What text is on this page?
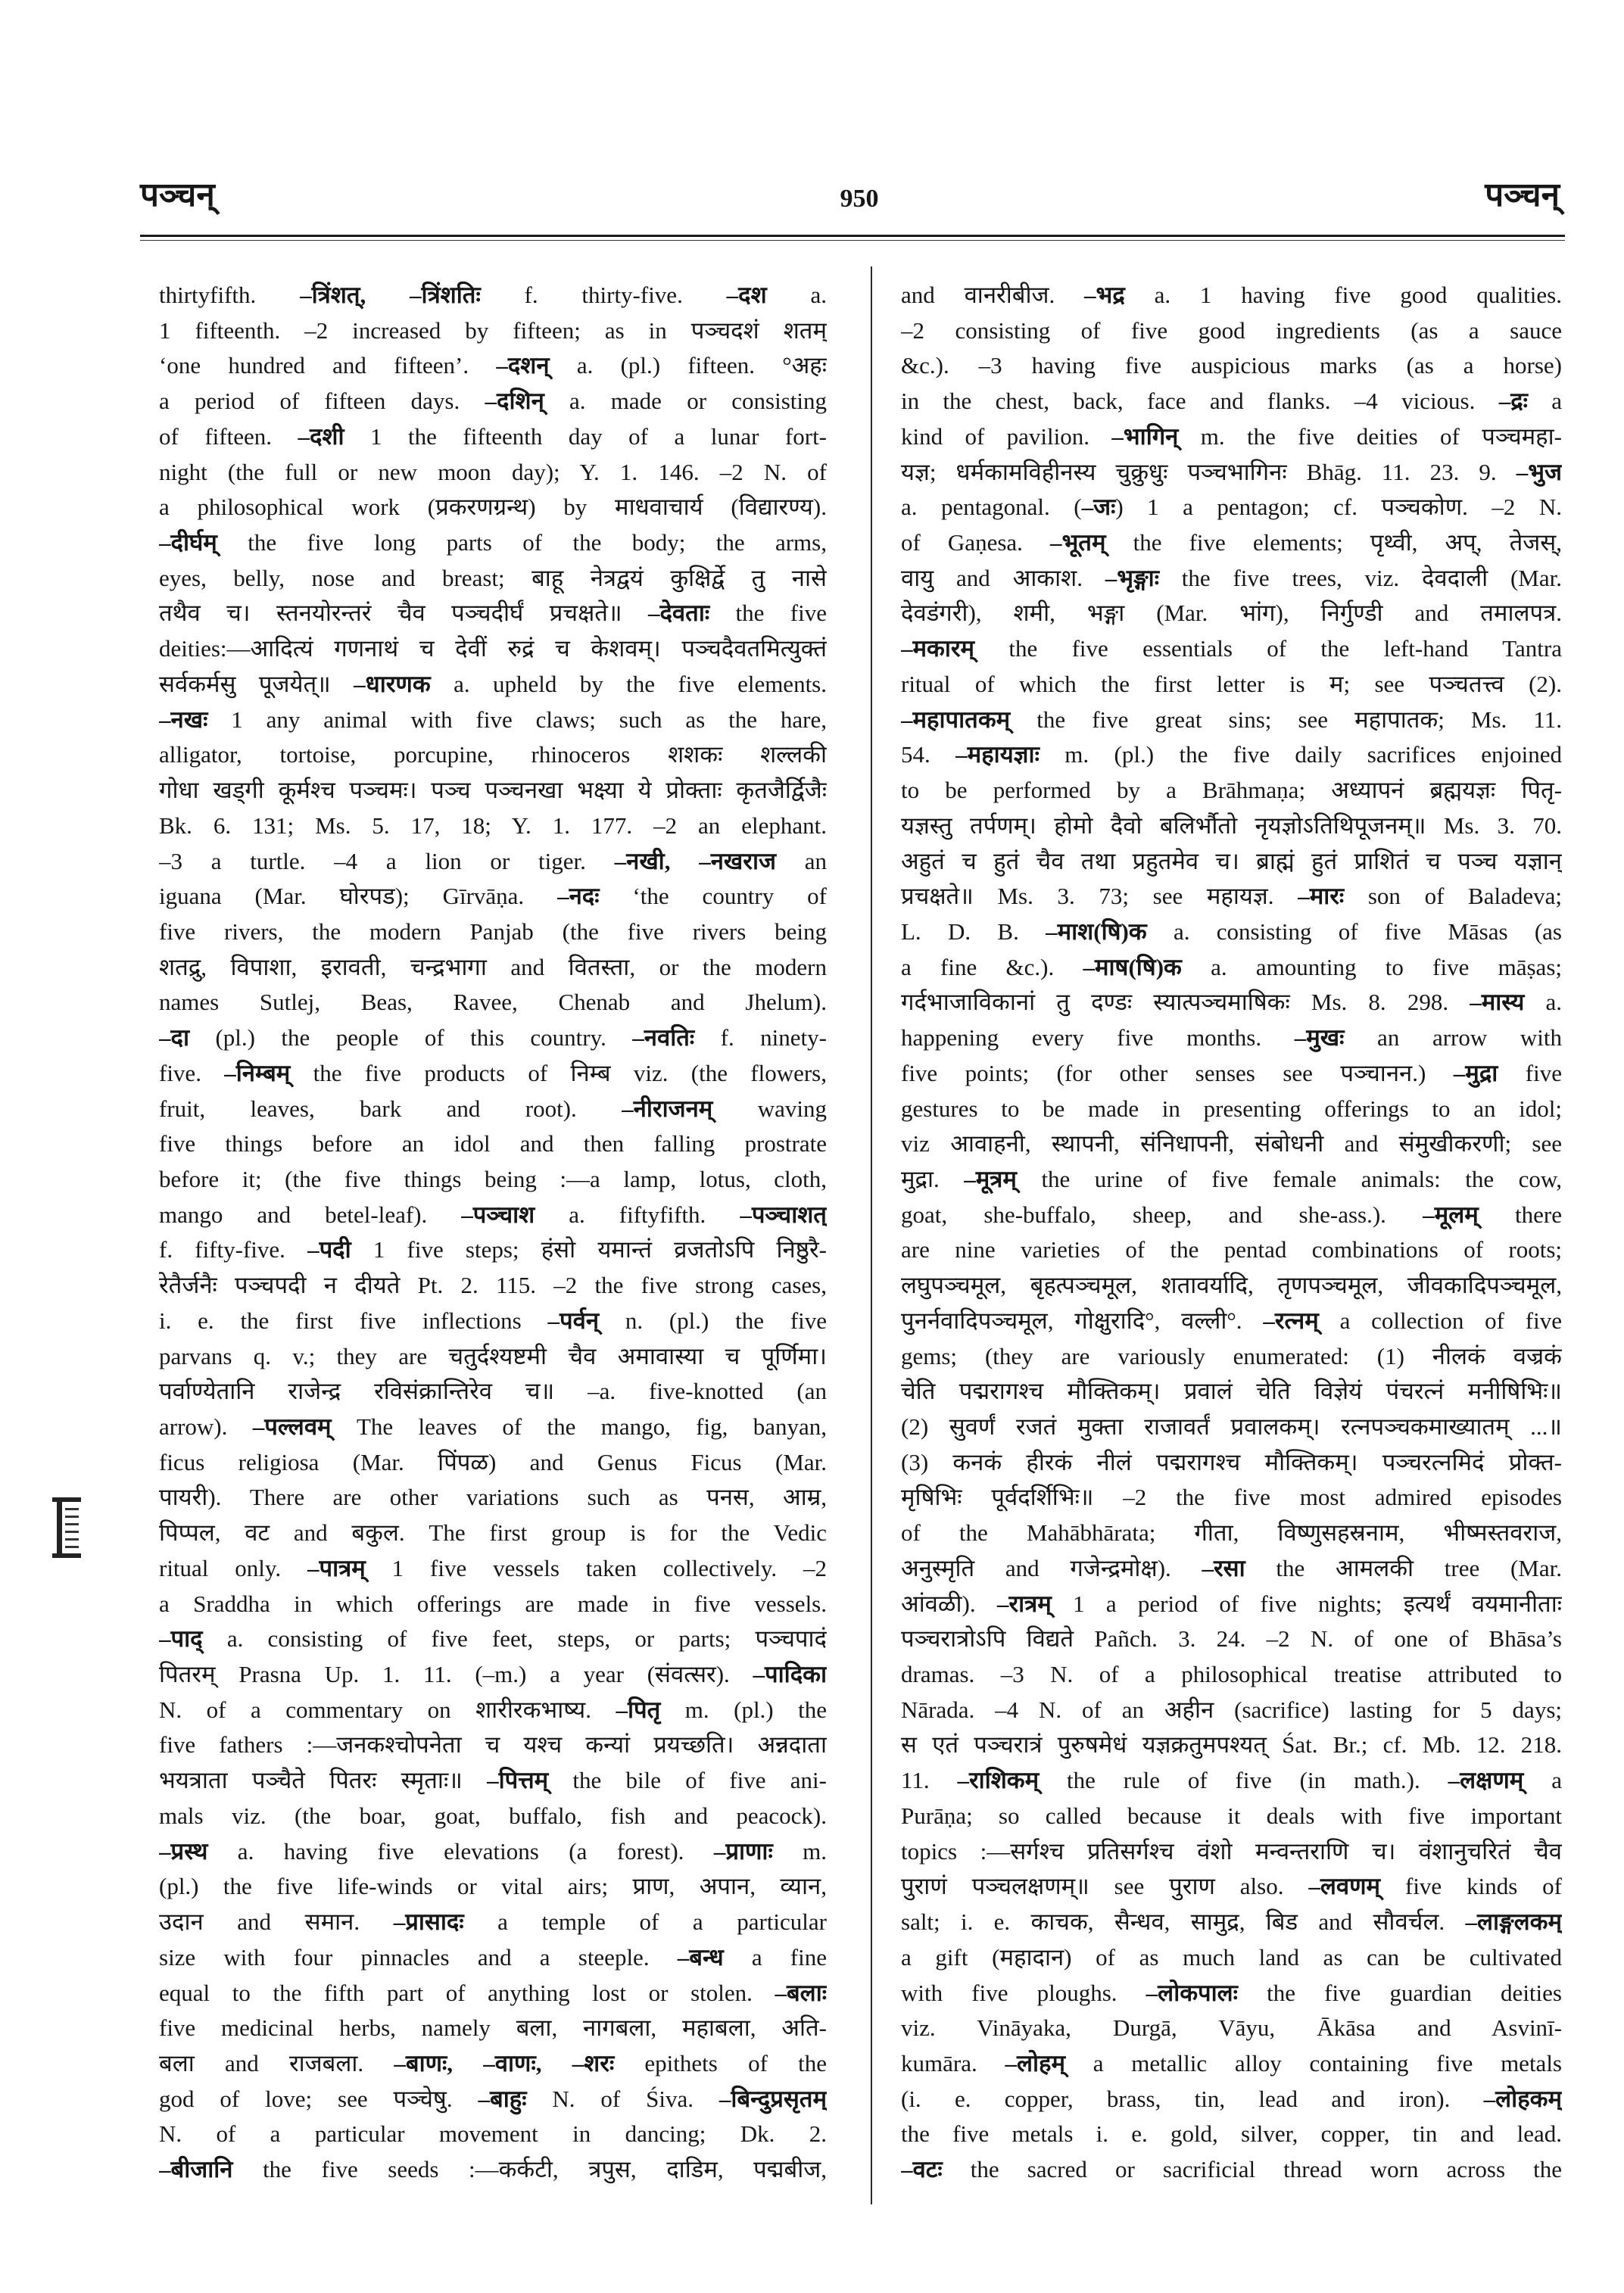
पञ्चन्	950	पञ्चन्
thirtyfifth. –त्रिंशत्, –त्रिंशतिः f. thirty-five. –दश a.
1 fifteenth. –2 increased by fifteen; as in पञ्चदशं शतम्
‘one hundred and fifteen’. –दशन् a. (pl.) fifteen. °अहः
a period of fifteen days. –दशिन् a. made or consisting
of fifteen. –दशी 1 the fifteenth day of a lunar fort-
night (the full or new moon day); Y. 1. 146. –2 N. of
a philosophical work (प्रकरणग्रन्थ) by माधवाचार्य (विद्यारण्य).
–दीर्घम् the five long parts of the body; the arms,
eyes, belly, nose and breast; बाहू नेत्रद्वयं कुक्षिर्द्वे तु नासे
तथैव च। स्तनयोरन्तरं चैव पञ्चदीर्घं प्रचक्षते॥ –देवताः the five
deities:—आदित्यं गणनाथं च देवीं रुद्रं च केशवम्। पञ्चदैवतमित्युक्तं
सर्वकर्मसु पूजयेत्॥ –धारणक a. upheld by the five elements.
–नखः 1 any animal with five claws; such as the hare,
alligator, tortoise, porcupine, rhinoceros शशकः शल्लकी
गोधा खड्गी कूर्मश्च पञ्चमः। पञ्च पञ्चनखा भक्ष्या ये प्रोक्ताः कृतजैर्द्विजैः
Bk. 6. 131; Ms. 5. 17, 18; Y. 1. 177. –2 an elephant.
–3 a turtle. –4 a lion or tiger. –नखी, –नखराज an
iguana (Mar. घोरपड); Gīrvāṇa. –नदः ‘the country of
five rivers, the modern Panjab (the five rivers being
शतद्रु, विपाशा, इरावती, चन्द्रभागा and वितस्ता, or the modern
names Sutlej, Beas, Ravee, Chenab and Jhelum).
–दा (pl.) the people of this country. –नवतिः f. ninety-
five. –निम्बम् the five products of निम्ब viz. (the flowers,
fruit, leaves, bark and root). –नीराजनम् waving
five things before an idol and then falling prostrate
before it; (the five things being :—a lamp, lotus, cloth,
mango and betel-leaf). –पञ्चाश a. fiftyfifth. –पञ्चाशत्
f. fifty-five. –पदी 1 five steps; हंसो यमान्तं व्रजतोऽपि निष्ठुरै-
रेतैर्जनैः पञ्चपदी न दीयते Pt. 2. 115. –2 the five strong cases,
i. e. the first five inflections –पर्वन् n. (pl.) the five
parvans q. v.; they are चतुर्दश्यष्टमी चैव अमावास्या च पूर्णिमा।
पर्वाण्येतानि राजेन्द्र रविसंक्रान्तिरेव च॥ –a. five-knotted (an
arrow). –पल्लवम् The leaves of the mango, fig, banyan,
ficus religiosa (Mar. पिंपळ) and Genus Ficus (Mar.
पायरी). There are other variations such as पनस, आम्र,
पिप्पल, वट and बकुल. The first group is for the Vedic
ritual only. –पात्रम् 1 five vessels taken collectively. –2
a Sraddha in which offerings are made in five vessels.
–पाद् a. consisting of five feet, steps, or parts; पञ्चपादं
पितरम् Prasna Up. 1. 11. (–m.) a year (संवत्सर). –पादिका
N. of a commentary on शारीरकभाष्य. –पितृ m. (pl.) the
five fathers :—जनकश्चोपनेता च यश्च कन्यां प्रयच्छति। अन्नदाता
भयत्राता पञ्चैते पितरः स्मृताः॥ –पित्तम् the bile of five ani-
mals viz. (the boar, goat, buffalo, fish and peacock).
–प्रस्थ a. having five elevations (a forest). –प्राणाः m.
(pl.) the five life-winds or vital airs; प्राण, अपान, व्यान,
उदान and समान. –प्रासादः a temple of a particular
size with four pinnacles and a steeple. –बन्ध a fine
equal to the fifth part of anything lost or stolen. –बलाः
five medicinal herbs, namely बला, नागबला, महाबला, अति-
बला and राजबला. –बाणः, –वाणः, –शरः epithets of the
god of love; see पञ्चेषु. –बाहुः N. of Śiva. –बिन्दुप्रसृतम्
N. of a particular movement in dancing; Dk. 2.
–बीजानि the five seeds :—कर्कटी, त्रपुस, दाडिम, पद्मबीज,
and वानरीबीज. –भद्र a. 1 having five good qualities.
–2 consisting of five good ingredients (as a sauce
&c.). –3 having five auspicious marks (as a horse)
in the chest, back, face and flanks. –4 vicious. –द्रः a
kind of pavilion. –भागिन् m. the five deities of पञ्चमहा-
यज्ञ; धर्मकामविहीनस्य चुक्रुधुः पञ्चभागिनः Bhāg. 11. 23. 9. –भुज
a. pentagonal. (–जः) 1 a pentagon; cf. पञ्चकोण. –2 N.
of Gaṇesa. –भूतम् the five elements; पृथ्वी, अप्, तेजस्,
वायु and आकाश. –भृङ्गाः the five trees, viz. देवदाली (Mar.
देवडंगरी), शमी, भङ्गा (Mar. भांग), निर्गुण्डी and तमालपत्र.
–मकारम् the five essentials of the left-hand Tantra
ritual of which the first letter is म; see पञ्चतत्त्व (2).
–महापातकम् the five great sins; see महापातक; Ms. 11.
54. –महायज्ञाः m. (pl.) the five daily sacrifices enjoined
to be performed by a Brāhmaṇa; अध्यापनं ब्रह्मयज्ञः पितृ-
यज्ञस्तु तर्पणम्। होमो दैवो बलिर्भौतो नृयज्ञोऽतिथिपूजनम्॥ Ms. 3. 70.
अहुतं च हुतं चैव तथा प्रहुतमेव च। ब्राह्मं हुतं प्राशितं च पञ्च यज्ञान्
प्रचक्षते॥ Ms. 3. 73; see महायज्ञ. –मारः son of Baladeva;
L. D. B. –माश(षि)क a. consisting of five Māsas (as
a fine &c.). –माष(षि)क a. amounting to five māṣas;
गर्दभाजाविकानां तु दण्डः स्यात्पञ्चमाषिकः Ms. 8. 298. –मास्य a.
happening every five months. –मुखः an arrow with
five points; (for other senses see पञ्चानन.) –मुद्रा five
gestures to be made in presenting offerings to an idol;
viz आवाहनी, स्थापनी, संनिधापनी, संबोधनी and संमुखीकरणी; see
मुद्रा. –मूत्रम् the urine of five female animals: the cow,
goat, she-buffalo, sheep, and she-ass.). –मूलम् there
are nine varieties of the pentad combinations of roots;
लघुपञ्चमूल, बृहत्पञ्चमूल, शतावर्यादि, तृणपञ्चमूल, जीवकादिपञ्चमूल,
पुनर्नवादिपञ्चमूल, गोक्षुरादि°, वल्ली°. –रत्नम् a collection of five
gems; (they are variously enumerated: (1) नीलकं वज्रकं
चेति पद्मरागश्च मौक्तिकम्। प्रवालं चेति विज्ञेयं पंचरत्नं मनीषिभिः॥
(2) सुवर्णं रजतं मुक्ता राजावर्तं प्रवालकम्। रत्नपञ्चकमाख्यातम् ...॥
(3) कनकं हीरकं नीलं पद्मरागश्च मौक्तिकम्। पञ्चरत्नमिदं प्रोक्त-
मृषिभिः पूर्वदर्शिभिः॥ –2 the five most admired episodes
of the Mahābhārata; गीता, विष्णुसहस्रनाम, भीष्मस्तवराज,
अनुस्मृति and गजेन्द्रमोक्ष). –रसा the आमलकी tree (Mar.
आंवळी). –रात्रम् 1 a period of five nights; इत्यर्थं वयमानीताः
पञ्चरात्रोऽपि विद्यते Pañch. 3. 24. –2 N. of one of Bhāsa’s
dramas. –3 N. of a philosophical treatise attributed to
Nārada. –4 N. of an अहीन (sacrifice) lasting for 5 days;
स एतं पञ्चरात्रं पुरुषमेधं यज्ञक्रतुमपश्यत् Śat. Br.; cf. Mb. 12. 218.
11. –राशिकम् the rule of five (in math.). –लक्षणम् a
Purāṇa; so called because it deals with five important
topics :—सर्गश्च प्रतिसर्गश्च वंशो मन्वन्तराणि च। वंशानुचरितं चैव
पुराणं पञ्चलक्षणम्॥ see पुराण also. –लवणम् five kinds of
salt; i. e. काचक, सैन्धव, सामुद्र, बिड and सौवर्चल. –लाङ्गलकम्
a gift (महादान) of as much land as can be cultivated
with five ploughs. –लोकपालः the five guardian deities
viz. Vināyaka, Durgā, Vāyu, Ākāsa and Asvinī-
kumāra. –लोहम् a metallic alloy containing five metals
(i. e. copper, brass, tin, lead and iron). –लोहकम्
the five metals i. e. gold, silver, copper, tin and lead.
–वटः the sacred or sacrificial thread worn across the
